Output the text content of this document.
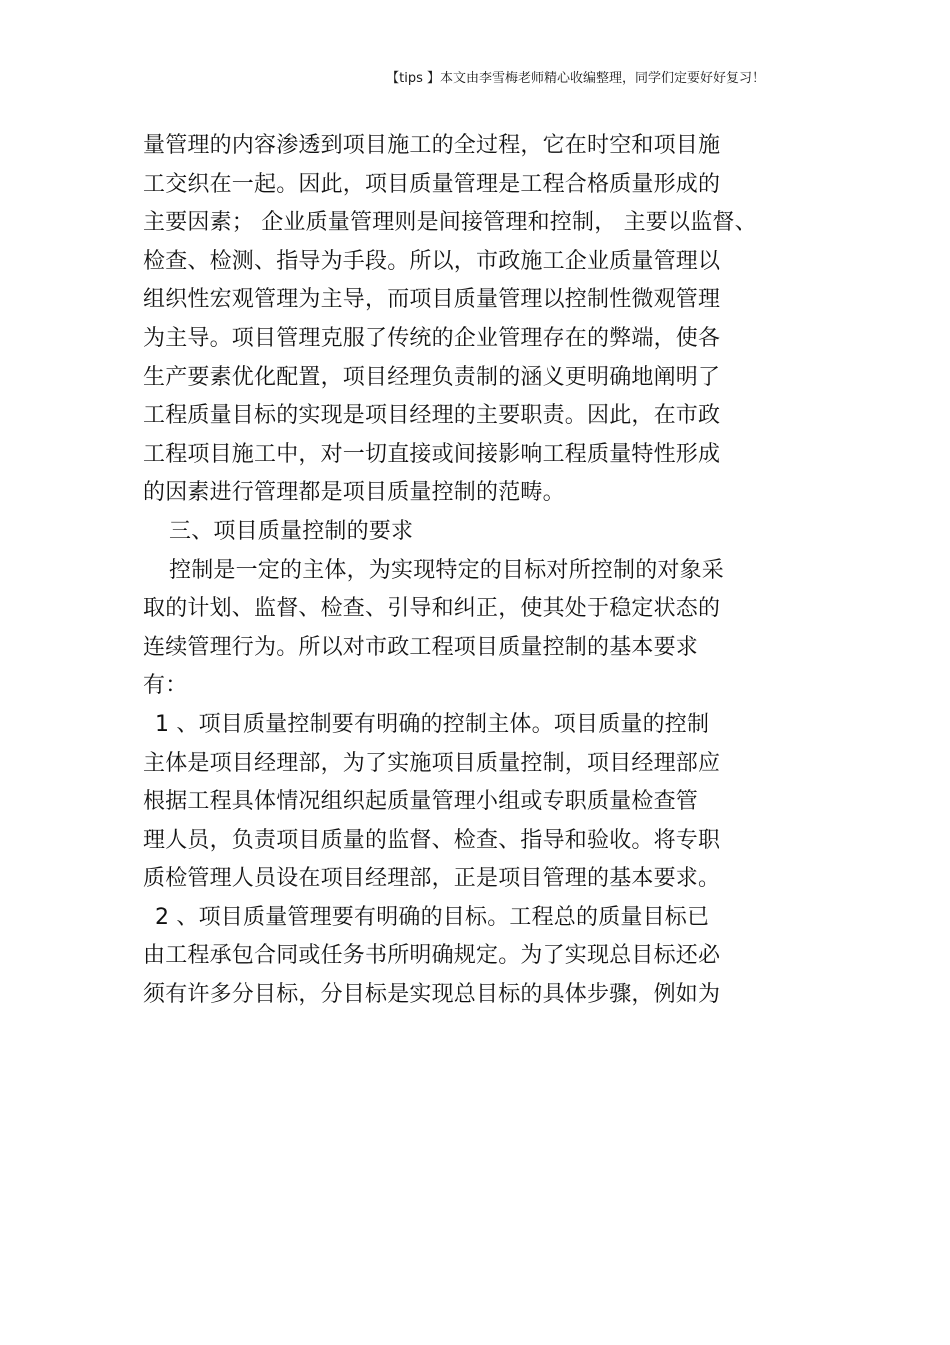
【tips 】本文由李雪梅老师精心收编整理，同学们定要好好复习！
量管理的内容渗透到项目施工的全过程，它在时空和项目施
工交织在一起。因此，项目质量管理是工程合格质量形成的
主要因素； 企业质量管理则是间接管理和控制， 主要以监督、
检查、检测、指导为手段。所以，市政施工企业质量管理以
组织性宏观管理为主导，而项目质量管理以控制性微观管理
为主导。项目管理克服了传统的企业管理存在的弊端，使各
生产要素优化配置，项目经理负责制的涵义更明确地阐明了
工程质量目标的实现是项目经理的主要职责。因此，在市政
工程项目施工中，对一切直接或间接影响工程质量特性形成
的因素进行管理都是项目质量控制的范畴。
三、项目质量控制的要求
控制是一定的主体，为实现特定的目标对所控制的对象采
取的计划、监督、检查、引导和纠正，使其处于稳定状态的
连续管理行为。所以对市政工程项目质量控制的基本要求
有：
1 、项目质量控制要有明确的控制主体。项目质量的控制
主体是项目经理部，为了实施项目质量控制，项目经理部应
根据工程具体情况组织起质量管理小组或专职质量检查管
理人员，负责项目质量的监督、检查、指导和验收。将专职
质检管理人员设在项目经理部，正是项目管理的基本要求。
2 、项目质量管理要有明确的目标。工程总的质量目标已
由工程承包合同或任务书所明确规定。为了实现总目标还必
须有许多分目标，分目标是实现总目标的具体步骤，例如为
